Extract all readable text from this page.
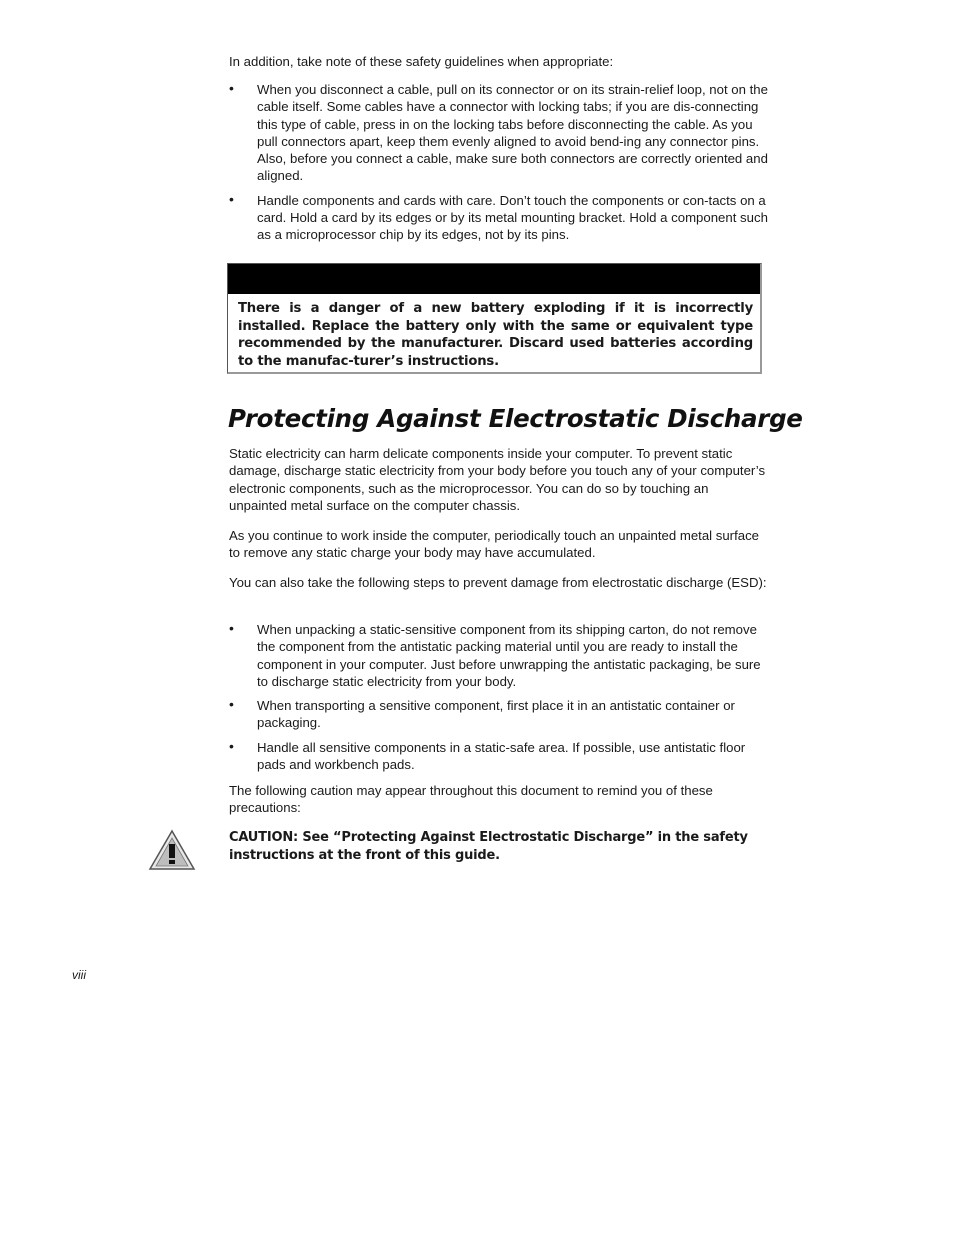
In addition, take note of these safety guidelines when appropriate:

• When you disconnect a cable, pull on its connector or on its strain-relief loop, not on the cable itself. Some cables have a connector with locking tabs; if you are dis-connecting this type of cable, press in on the locking tabs before disconnecting the cable. As you pull connectors apart, keep them evenly aligned to avoid bend-ing any connector pins. Also, before you connect a cable, make sure both connectors are correctly oriented and aligned.
• Handle components and cards with care. Don’t touch the components or con-tacts on a card. Hold a card by its edges or by its metal mounting bracket. Hold a component such as a microprocessor chip by its edges, not by its pins.

There is a danger of a new battery exploding if it is incorrectly installed. Replace the battery only with the same or equivalent type recommended by the manufacturer. Discard used batteries according to the manufac-turer’s instructions.

Protecting Against Electrostatic Discharge

Static electricity can harm delicate components inside your computer. To prevent static damage, discharge static electricity from your body before you touch any of your computer’s electronic components, such as the microprocessor. You can do so by touching an unpainted metal surface on the computer chassis.

As you continue to work inside the computer, periodically touch an unpainted metal surface to remove any static charge your body may have accumulated.

You can also take the following steps to prevent damage from electrostatic discharge (ESD):

• When unpacking a static-sensitive component from its shipping carton, do not remove the component from the antistatic packing material until you are ready to install the component in your computer. Just before unwrapping the antistatic packaging, be sure to discharge static electricity from your body.
• When transporting a sensitive component, first place it in an antistatic container or packaging.
• Handle all sensitive components in a static-safe area. If possible, use antistatic floor pads and workbench pads.

The following caution may appear throughout this document to remind you of these precautions:

CAUTION: See “Protecting Against Electrostatic Discharge” in the safety instructions at the front of this guide.

viii
